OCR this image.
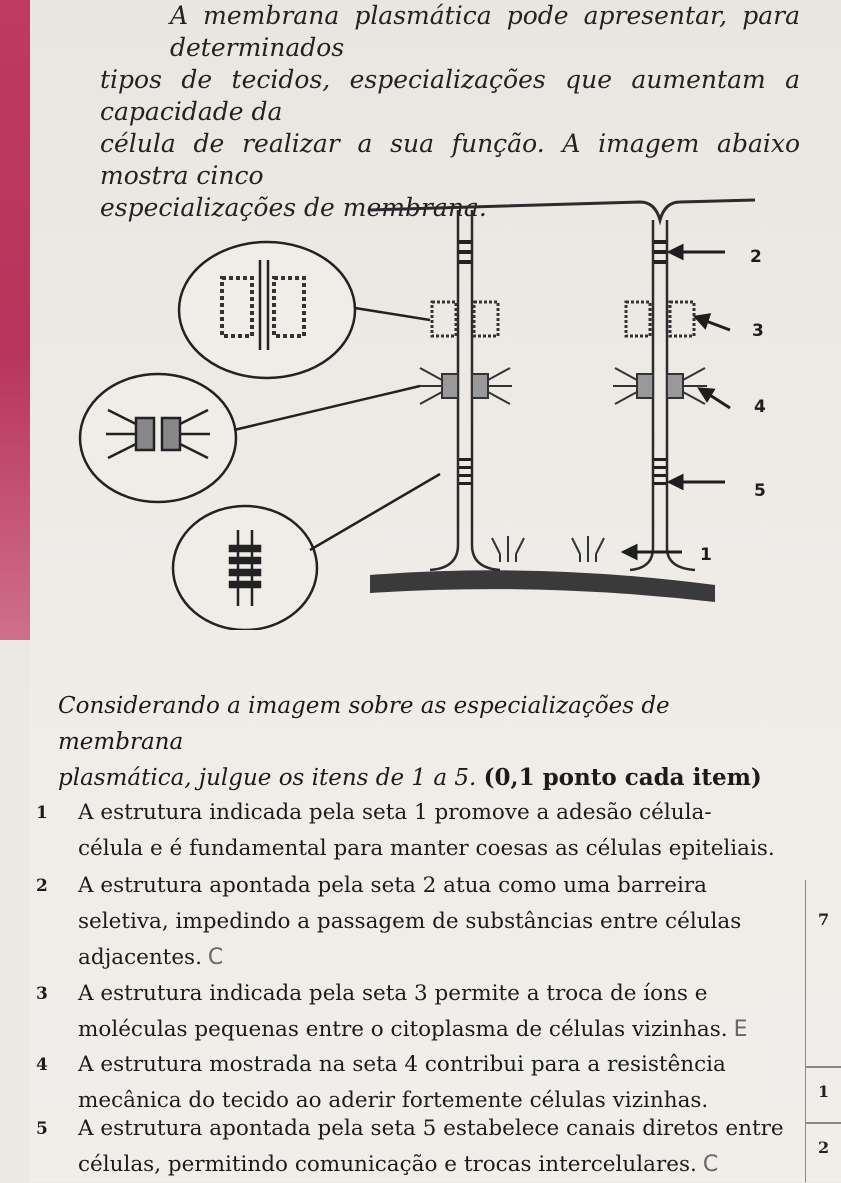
A membrana plasmática pode apresentar, para determinados

tipos de tecidos, especializações que aumentam a capacidade da

célula de realizar a sua função. A imagem abaixo mostra cinco

especializações de membrana.

2
3
4
5
1
Considerando a imagem sobre as especializações de membrana
plasmática, julgue os itens de 1 a 5. (0,1 ponto cada item)
1 A estrutura indicada pela seta 1 promove a adesão célula-
célula e é fundamental para manter coesas as células epiteliais.
2 A estrutura apontada pela seta 2 atua como uma barreira
seletiva, impedindo a passagem de substâncias entre células
adjacentes. C
3 A estrutura indicada pela seta 3 permite a troca de íons e
moléculas pequenas entre o citoplasma de células vizinhas. E
4 A estrutura mostrada na seta 4 contribui para a resistência
mecânica do tecido ao aderir fortemente células vizinhas.
5 A estrutura apontada pela seta 5 estabelece canais diretos entre
células, permitindo comunicação e trocas intercelulares. C
7
1
2
